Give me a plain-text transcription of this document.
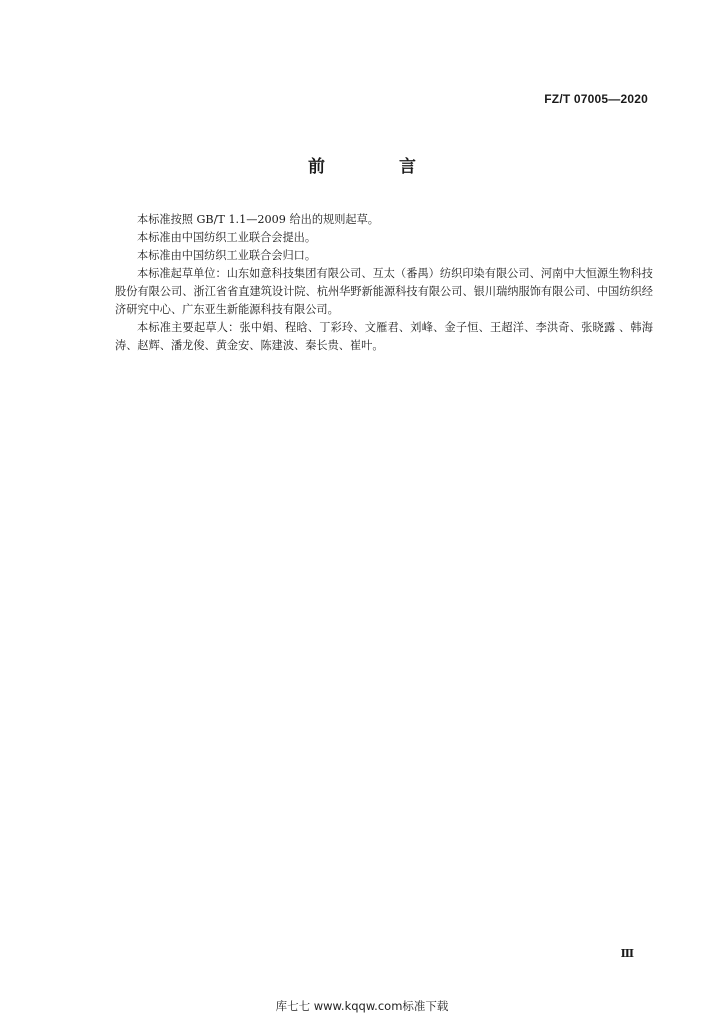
FZ/T 07005—2020
前 言

本标准按照 GB/T 1.1—2009 给出的规则起草。

本标准由中国纺织工业联合会提出。

本标准由中国纺织工业联合会归口。

本标准起草单位：山东如意科技集团有限公司、互太（番禺）纺织印染有限公司、河南中大恒源生物科技股份有限公司、浙江省省直建筑设计院、杭州华野新能源科技有限公司、银川瑞纳服饰有限公司、中国纺织经济研究中心、广东亚生新能源科技有限公司。

本标准主要起草人：张中娟、程晗、丁彩玲、文雁君、刘峰、金子恒、王超洋、李洪奇、张晓露 、韩海涛、赵辉、潘龙俊、黄金安、陈建波、秦长贵、崔叶。

Ⅲ
库七七 www.kqqw.com标准下载
